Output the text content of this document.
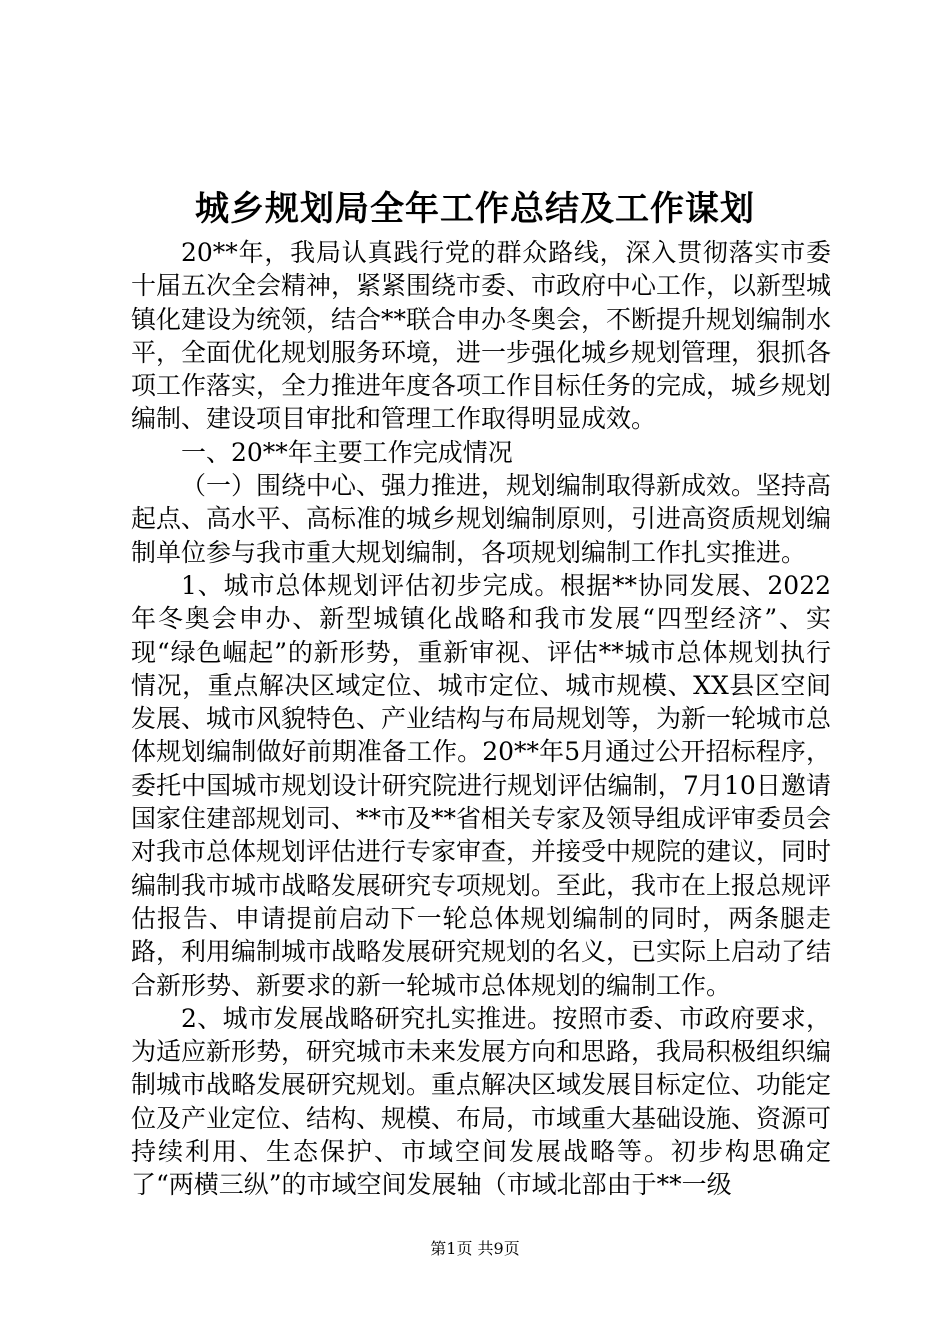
城乡规划局全年工作总结及工作谋划

20**年，我局认真践行党的群众路线，深入贯彻落实市委十届五次全会精神，紧紧围绕市委、市政府中心工作，以新型城镇化建设为统领，结合**联合申办冬奥会，不断提升规划编制水平，全面优化规划服务环境，进一步强化城乡规划管理，狠抓各项工作落实，全力推进年度各项工作目标任务的完成，城乡规划编制、建设项目审批和管理工作取得明显成效。

一、20**年主要工作完成情况

（一）围绕中心、强力推进，规划编制取得新成效。坚持高起点、高水平、高标准的城乡规划编制原则，引进高资质规划编制单位参与我市重大规划编制，各项规划编制工作扎实推进。

1、城市总体规划评估初步完成。根据**协同发展、2022年冬奥会申办、新型城镇化战略和我市发展“四型经济”、实现“绿色崛起”的新形势，重新审视、评估**城市总体规划执行情况，重点解决区域定位、城市定位、城市规模、XX县区空间发展、城市风貌特色、产业结构与布局规划等，为新一轮城市总体规划编制做好前期准备工作。20**年5月通过公开招标程序，委托中国城市规划设计研究院进行规划评估编制，7月10日邀请国家住建部规划司、**市及**省相关专家及领导组成评审委员会对我市总体规划评估进行专家审查，并接受中规院的建议，同时编制我市城市战略发展研究专项规划。至此，我市在上报总规评估报告、申请提前启动下一轮总体规划编制的同时，两条腿走路，利用编制城市战略发展研究规划的名义，已实际上启动了结合新形势、新要求的新一轮城市总体规划的编制工作。

2、城市发展战略研究扎实推进。按照市委、市政府要求，为适应新形势，研究城市未来发展方向和思路，我局积极组织编制城市战略发展研究规划。重点解决区域发展目标定位、功能定位及产业定位、结构、规模、布局，市域重大基础设施、资源可持续利用、生态保护、市域空间发展战略等。初步构思确定了“两横三纵”的市域空间发展轴（市域北部由于**一级

第1页 共9页
